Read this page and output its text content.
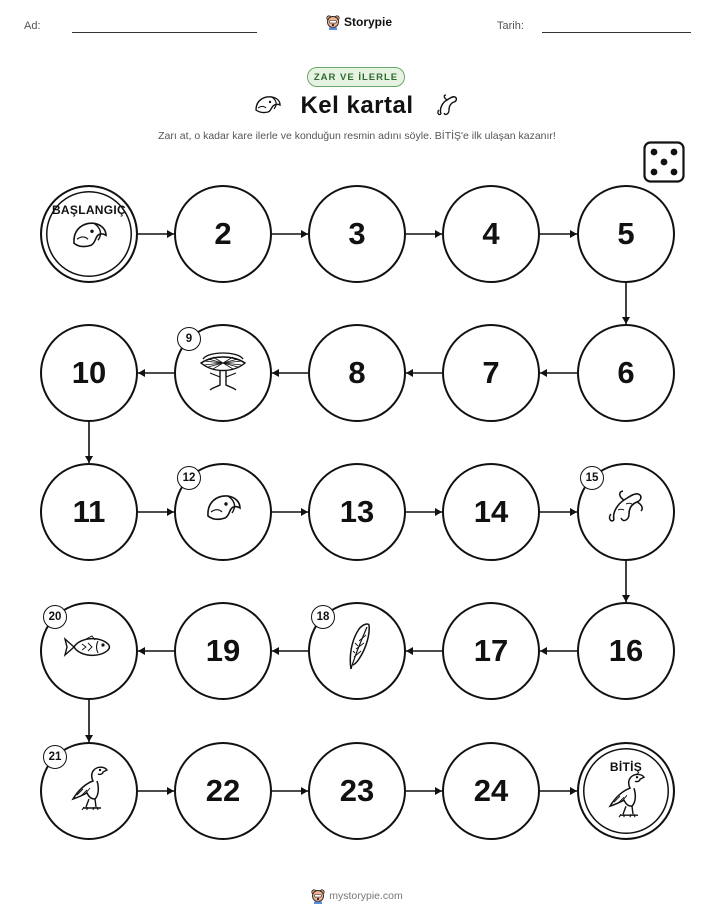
Ad:	Storypie	Tarih:
ZAR VE İLERLE
Kel kartal
Zarı at, o kadar kare ilerle ve konduğun resmin adını söyle. BİTİŞ'e ilk ulaşan kazanır!
BAŞLANGIÇ
2	3	4	5
6
7
8
9
10
11
12
13	14
15
16
17
18
19
20
21
22	23	24
BİTİŞ
mystorypie.com
